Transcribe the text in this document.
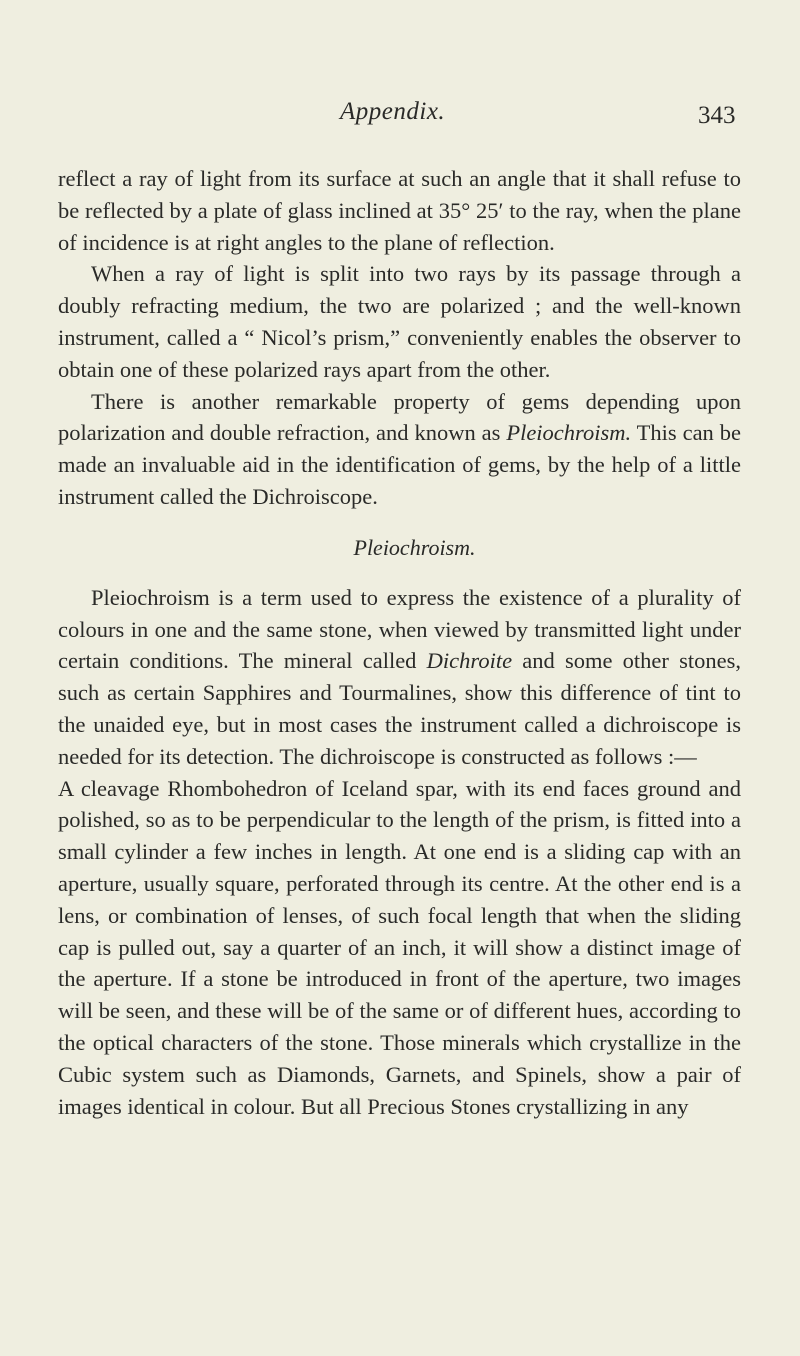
Appendix.	343

reflect a ray of light from its surface at such an angle that it shall refuse to be reflected by a plate of glass inclined at 35° 25′ to the ray, when the plane of incidence is at right angles to the plane of reflection.

When a ray of light is split into two rays by its passage through a doubly refracting medium, the two are polarized ; and the well-known instrument, called a “ Nicol’s prism,” conveniently enables the observer to obtain one of these polarized rays apart from the other.

There is another remarkable property of gems depending upon polarization and double refraction, and known as Pleiochroism. This can be made an invaluable aid in the identification of gems, by the help of a little instrument called the Dichroiscope.

Pleiochroism.

Pleiochroism is a term used to express the existence of a plurality of colours in one and the same stone, when viewed by transmitted light under certain conditions. The mineral called Dichroite and some other stones, such as certain Sapphires and Tourmalines, show this difference of tint to the unaided eye, but in most cases the instrument called a dichroiscope is needed for its detection. The dichroiscope is constructed as follows :—

A cleavage Rhombohedron of Iceland spar, with its end faces ground and polished, so as to be perpendicular to the length of the prism, is fitted into a small cylinder a few inches in length. At one end is a sliding cap with an aperture, usually square, perforated through its centre. At the other end is a lens, or combination of lenses, of such focal length that when the sliding cap is pulled out, say a quarter of an inch, it will show a distinct image of the aperture. If a stone be introduced in front of the aperture, two images will be seen, and these will be of the same or of different hues, according to the optical characters of the stone. Those minerals which crystallize in the Cubic system such as Diamonds, Garnets, and Spinels, show a pair of images identical in colour. But all Precious Stones crystallizing in any
